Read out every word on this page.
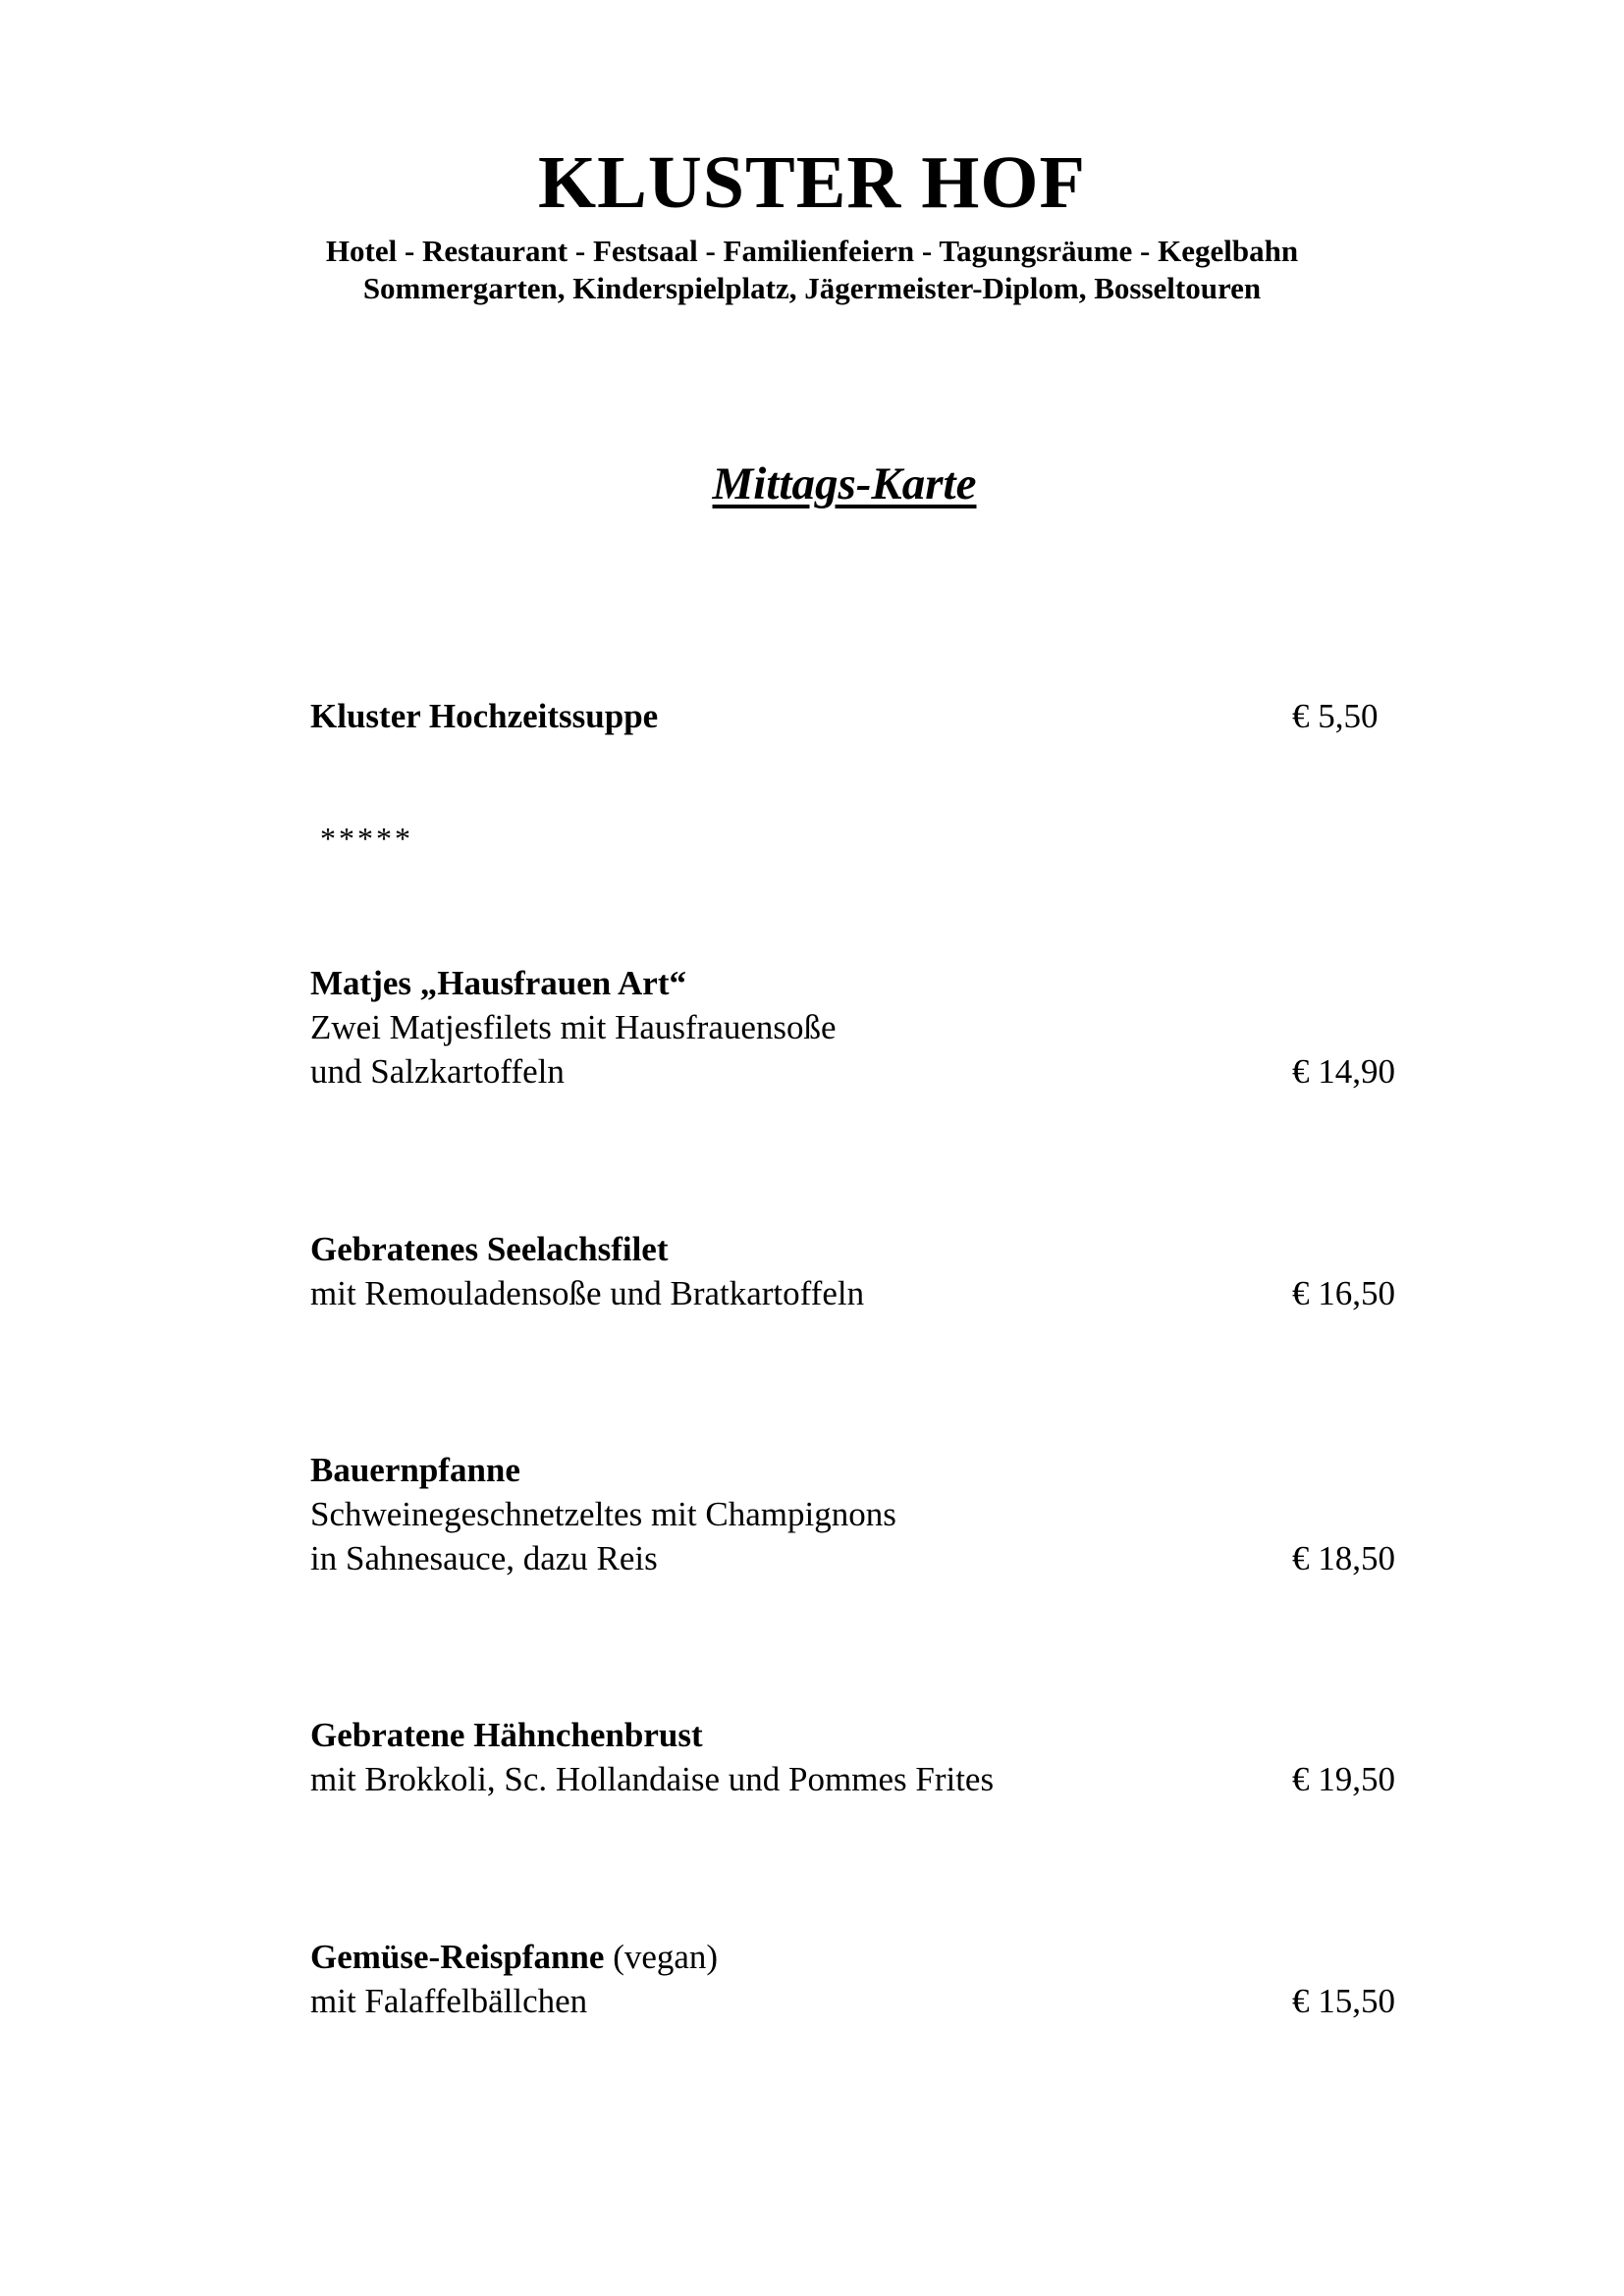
KLUSTER HOF
Hotel - Restaurant - Festsaal - Familienfeiern - Tagungsräume - Kegelbahn
Sommergarten, Kinderspielplatz, Jägermeister-Diplom, Bosseltouren
Mittags-Karte
Kluster Hochzeitssuppe	€ 5,50
*****
Matjes „Hausfrauen Art“
Zwei Matjesfilets mit Hausfrauensoße
und Salzkartoffeln	€ 14,90
Gebratenes Seelachsfilet
mit Remouladensoße und Bratkartoffeln	€ 16,50
Bauernpfanne
Schweinegeschnetzeltes mit Champignons
in Sahnesauce, dazu Reis	€ 18,50
Gebratene Hähnchenbrust
mit Brokkoli, Sc. Hollandaise und Pommes Frites	€ 19,50
Gemüse-Reispfanne (vegan)
mit Falaffelbällchen	€ 15,50
